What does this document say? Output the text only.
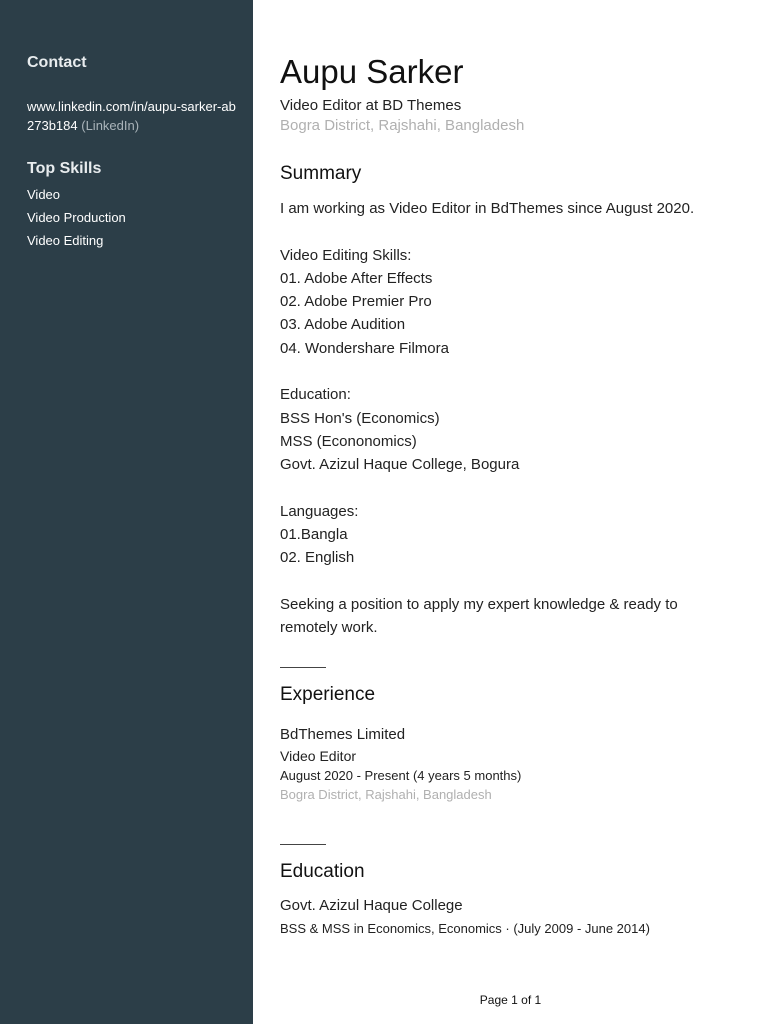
Contact
www.linkedin.com/in/aupu-sarker-ab273b184 (LinkedIn)
Top Skills
Video
Video Production
Video Editing
Aupu Sarker
Video Editor at BD Themes
Bogra District, Rajshahi, Bangladesh
Summary

I am working as Video Editor in BdThemes since August 2020.

Video Editing Skills:

01. Adobe After Effects

02. Adobe Premier Pro

03. Adobe Audition

04. Wondershare Filmora

Education:

BSS Hon's (Economics)

MSS (Econonomics)

Govt. Azizul Haque College, Bogura

Languages:

01.Bangla

02. English

Seeking a position to apply my expert knowledge & ready to remotely work.

Experience
BdThemes Limited
Video Editor
August 2020 - Present (4 years 5 months)
Bogra District, Rajshahi, Bangladesh
Education
Govt. Azizul Haque College
BSS & MSS in Economics, Economics · (July 2009 - June 2014)
Page 1 of 1
